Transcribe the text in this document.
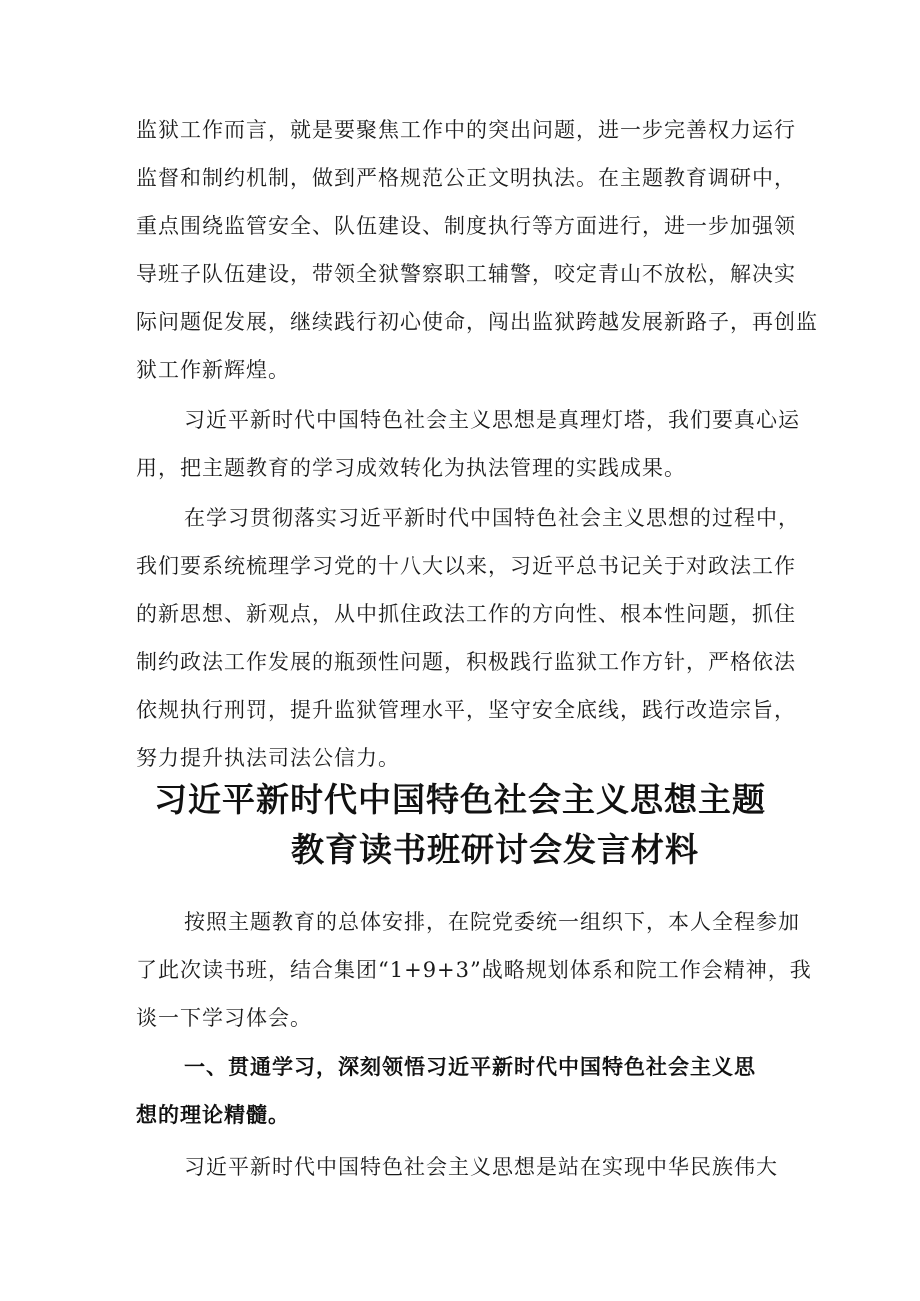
监狱工作而言，就是要聚焦工作中的突出问题，进一步完善权力运行
监督和制约机制，做到严格规范公正文明执法。在主题教育调研中，
重点围绕监管安全、队伍建设、制度执行等方面进行，进一步加强领
导班子队伍建设，带领全狱警察职工辅警，咬定青山不放松，解决实
际问题促发展，继续践行初心使命，闯出监狱跨越发展新路子，再创监
狱工作新辉煌。
习近平新时代中国特色社会主义思想是真理灯塔，我们要真心运
用，把主题教育的学习成效转化为执法管理的实践成果。
在学习贯彻落实习近平新时代中国特色社会主义思想的过程中，
我们要系统梳理学习党的十八大以来，习近平总书记关于对政法工作
的新思想、新观点，从中抓住政法工作的方向性、根本性问题，抓住
制约政法工作发展的瓶颈性问题，积极践行监狱工作方针，严格依法
依规执行刑罚，提升监狱管理水平，坚守安全底线，践行改造宗旨，
努力提升执法司法公信力。
习近平新时代中国特色社会主义思想主题
教育读书班研讨会发言材料
按照主题教育的总体安排，在院党委统一组织下，本人全程参加
了此次读书班，结合集团“1+9+3”战略规划体系和院工作会精神，我
谈一下学习体会。
一、贯通学习，深刻领悟习近平新时代中国特色社会主义思
想的理论精髓。
习近平新时代中国特色社会主义思想是站在实现中华民族伟大
